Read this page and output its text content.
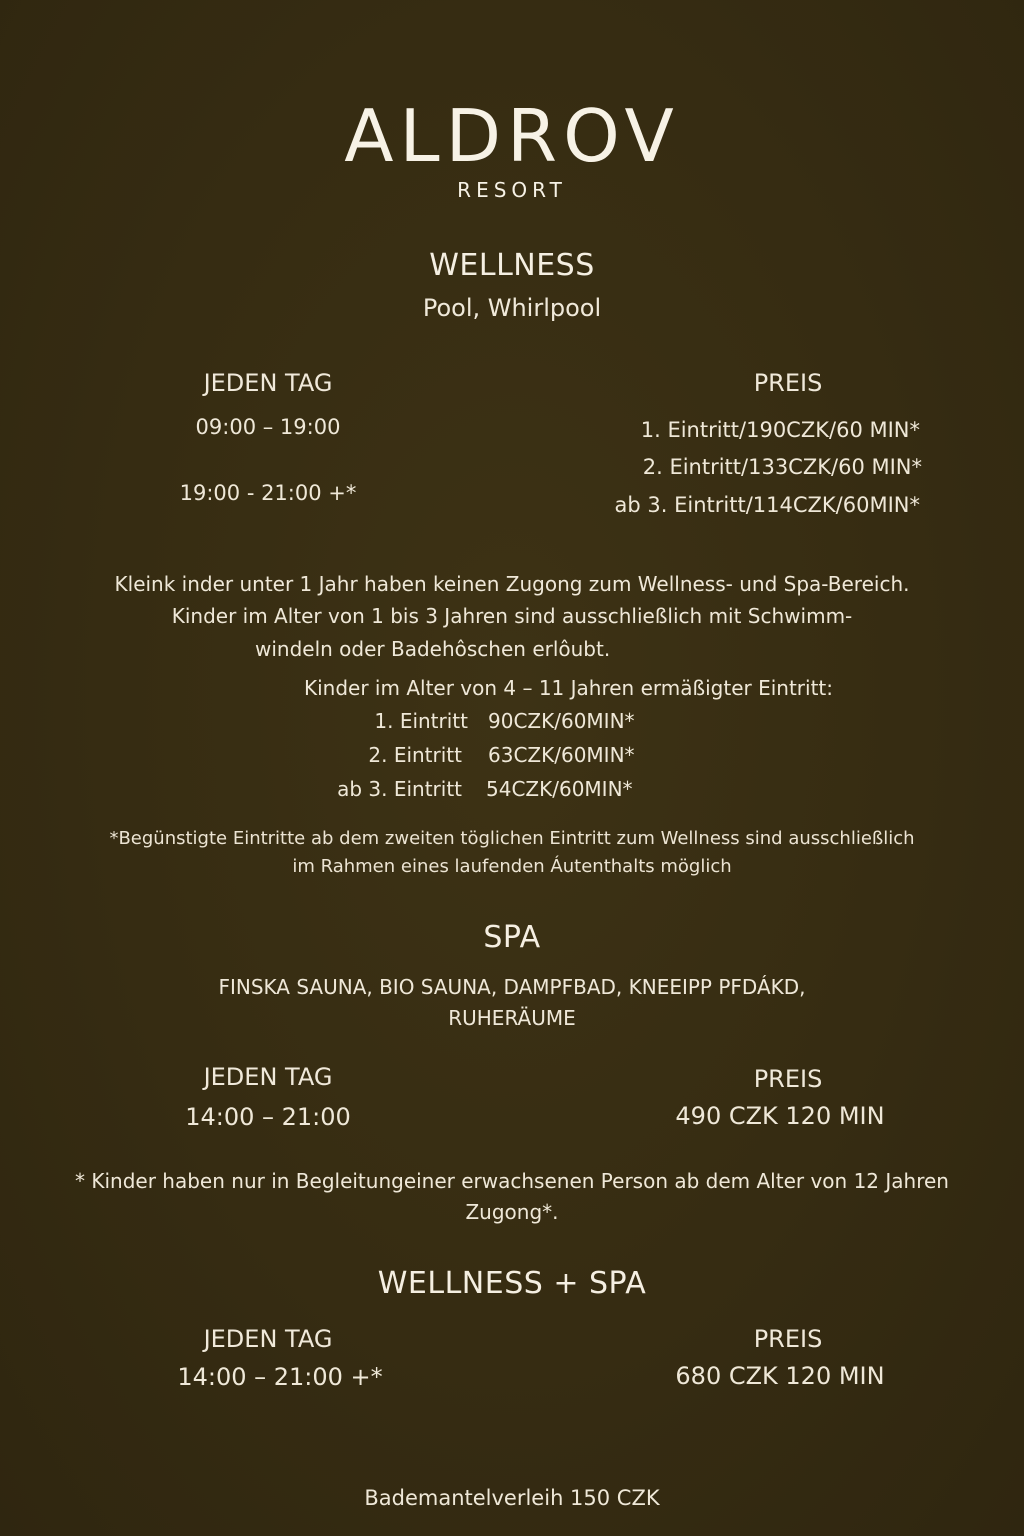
ALDROV
RESORT
WELLNESS
Pool, Whirlpool
JEDEN TAG
09:00 – 19:00
19:00 - 21:00 +*
PREIS
1. Eintritt/190CZK/60 MIN*
2. Eintritt/133CZK/60 MIN*
ab 3. Eintritt/114CZK/60MIN*
Kleink inder unter 1 Jahr haben keinen Zugong zum Wellness- und Spa-Bereich.
Kinder im Alter von 1 bis 3 Jahren sind ausschließlich mit Schwimm-
windeln oder Badehôschen erlôubt.
Kinder im Alter von 4 – 11 Jahren ermäßigter Eintritt:
1. Eintritt 90CZK/60MIN*
2. Eintritt 63CZK/60MIN*
ab 3. Eintritt 54CZK/60MIN*
*Begünstigte Eintritte ab dem zweiten töglichen Eintritt zum Wellness sind ausschließlich
im Rahmen eines laufenden Áutenthalts möglich
SPA
FINSKA SAUNA, BIO SAUNA, DAMPFBAD, KNEEIPP PFDÁKD,
RUHERÄUME
JEDEN TAG
14:00 – 21:00
PREIS
490 CZK 120 MIN
* Kinder haben nur in Begleitungeiner erwachsenen Person ab dem Alter von 12 Jahren
Zugong*.
WELLNESS + SPA
JEDEN TAG
14:00 – 21:00 +*
PREIS
680 CZK 120 MIN
Bademantelverleih 150 CZK
